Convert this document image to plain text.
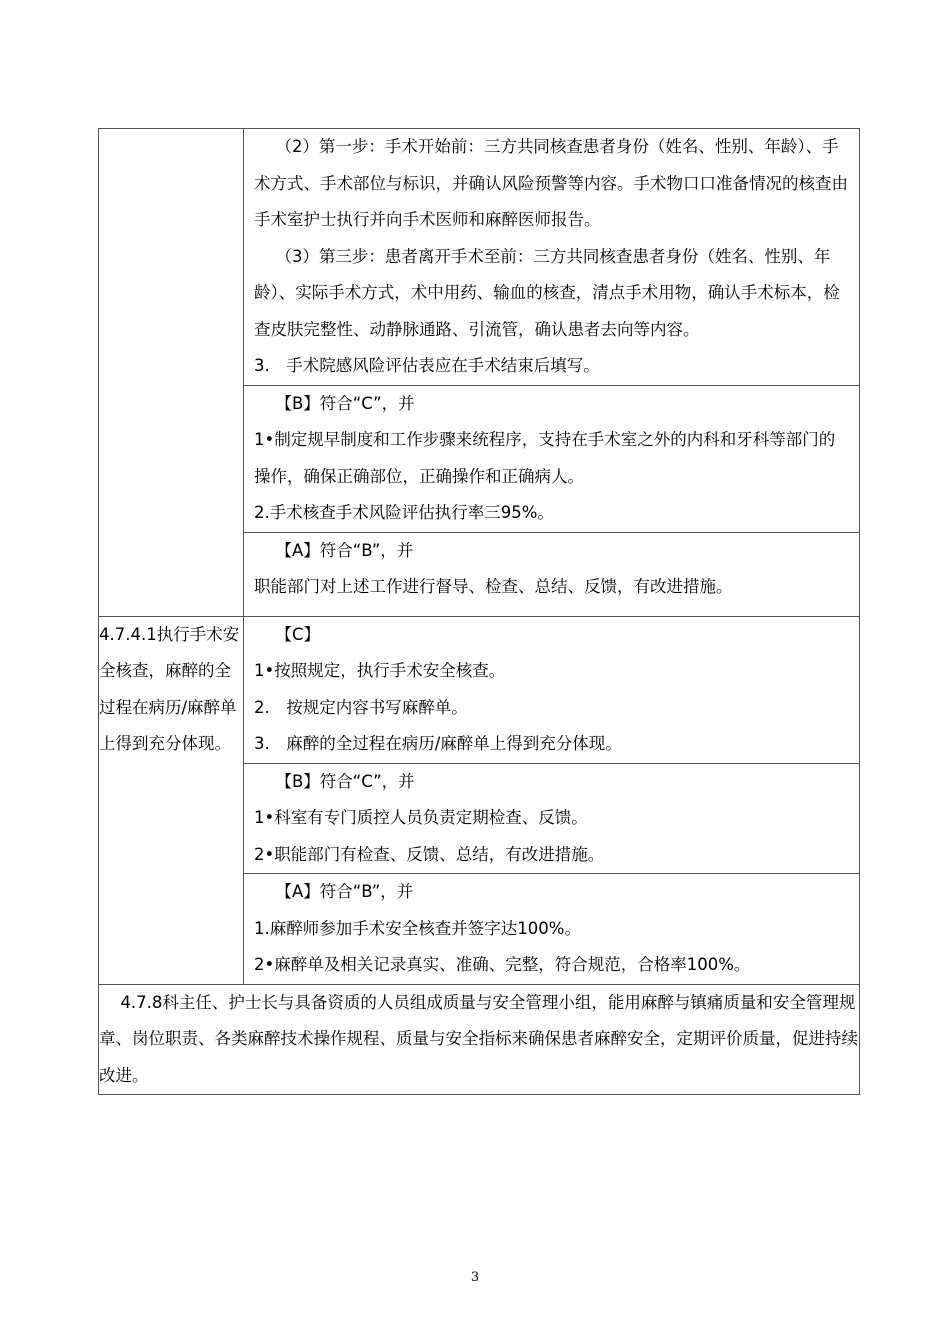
	（2）第一步：手术开始前：三方共同核查患者身份（姓名、性别、年龄）、手术方式、手术部位与标识，并确认风险预警等内容。手术物口口准备情况的核查由手术室护士执行并向手术医师和麻醉医师报告。

（3）第三步：患者离开手术至前：三方共同核查患者身份（姓名、性别、年龄）、实际手术方式，术中用药、输血的核查，清点手术用物，确认手术标本，检查皮肤完整性、动静脉通路、引流管，确认患者去向等内容。

3.　手术院感风险评估表应在手术结束后填写。

	【B】符合“C”，并

1•制定规早制度和工作步骤来统程序，支持在手术室之外的内科和牙科等部门的操作，确保正确部位，正确操作和正确病人。

2.手术核查手术风险评估执行率三95%。

	【A】符合“B”，并

职能部门对上述工作进行督导、检查、总结、反馈，有改进措施。

4.7.4.1执行手术安全核查，麻醉的全过程在病历/麻醉单上得到充分体现。	【C】

1•按照规定，执行手术安全核查。

2.　按规定内容书写麻醉单。

3.　麻醉的全过程在病历/麻醉单上得到充分体现。

	【B】符合“C”，并

1•科室有专门质控人员负责定期检查、反馈。

2•职能部门有检查、反馈、总结，有改进措施。

	【A】符合“B”，并

1.麻醉师参加手术安全核查并签字达100%。

2•麻醉单及相关记录真实、准确、完整，符合规范，合格率100%。

4.7.8科主任、护士长与具备资质的人员组成质量与安全管理小组，能用麻醉与镇痛质量和安全管理规章、岗位职责、各类麻醉技术操作规程、质量与安全指标来确保患者麻醉安全，定期评价质量，促进持续改进。	

3
